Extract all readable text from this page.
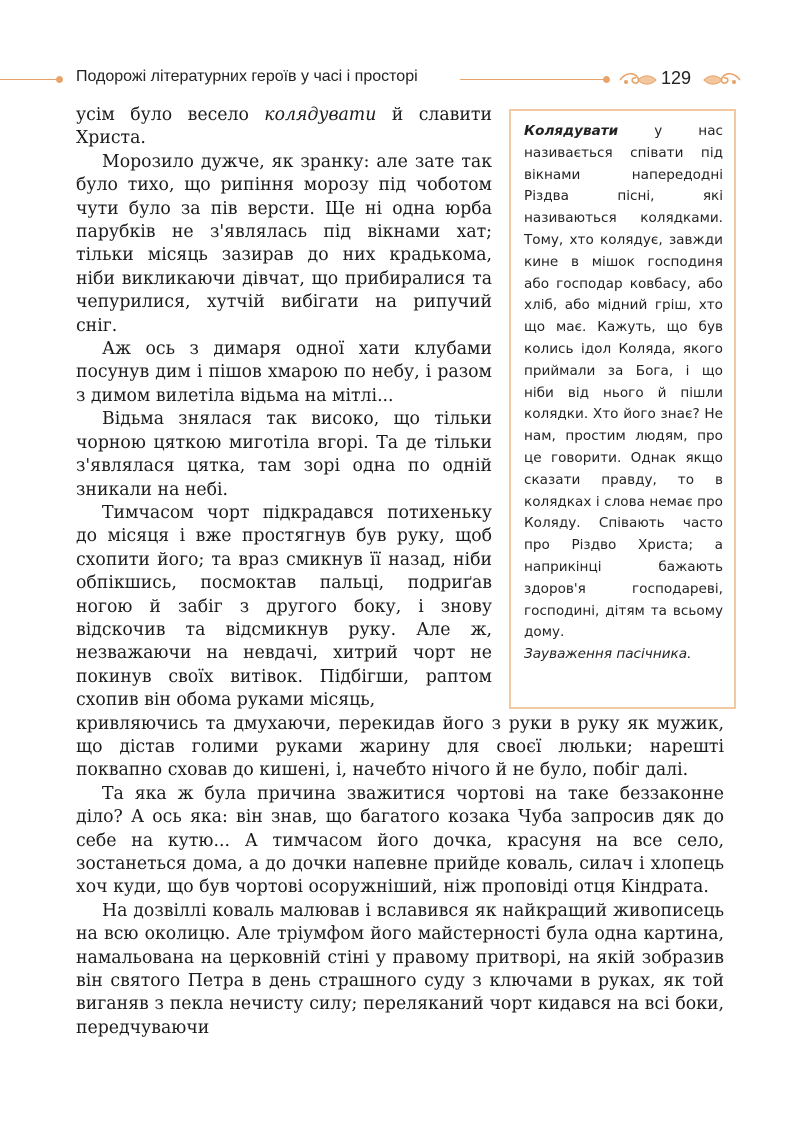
Подорожі літературних героїв у часі і просторі	129

усім було весело колядувати й славити Христа.

Морозило дужче, як зранку: але зате так було тихо, що рипіння морозу під чоботом чути було за пів версти. Ще ні одна юрба парубків не з'являлась під вікнами хат; тільки місяць зазирав до них крадькома, ніби викликаючи дівчат, що прибиралися та чепурилися, хутчій вибігати на рипучий сніг.

Аж ось з димаря одної хати клубами посунув дим і пішов хмарою по небу, і разом з димом вилетіла відьма на мітлі...

Відьма знялася так високо, що тільки чорною цяткою миготіла вгорі. Та де тільки з'являлася цятка, там зорі одна по одній зникали на небі.

Тимчасом чорт підкрадався потихеньку до місяця і вже простягнув був руку, щоб схопити його; та враз смикнув її назад, ніби обпікшись, посмоктав пальці, подриґав ногою й забіг з другого боку, і знову відскочив та відсмикнув руку. Але ж, незважаючи на невдачі, хитрий чорт не покинув своїх витівок. Підбігши, раптом схопив він обома руками місяць,

кривляючись та дмухаючи, перекидав його з руки в руку як мужик, що дістав голими руками жарину для своєї люльки; нарешті поквапно сховав до кишені, і, начебто нічого й не було, побіг далі.

Та яка ж була причина зважитися чортові на таке беззаконне діло? А ось яка: він знав, що багатого козака Чуба запросив дяк до себе на кутю... А тимчасом його дочка, красуня на все село, зостанеться дома, а до дочки напевне прийде коваль, силач і хлопець хоч куди, що був чортові осоружніший, ніж проповіді отця Кіндрата.

На дозвіллі коваль малював і вславився як найкращий живописець на всю околицю. Але тріумфом його майстерності була одна картина, намальована на церковній стіні у правому притворі, на якій зобразив він святого Петра в день страшного суду з ключами в руках, як той виганяв з пекла нечисту силу; переляканий чорт кидався на всі боки, передчуваючи

Колядувати	у нас називається співати під вікнами напередодні Різдва пісні, які називаються колядками. Тому, хто колядує, завжди кине в мішок господиня або господар ковбасу, або хліб, або мідний гріш, хто що має. Кажуть, що був колись ідол Коляда, якого приймали за Бога, і що ніби від нього й пішли колядки. Хто його знає? Не нам, простим людям, про це говорити. Однак якщо сказати правду, то в колядках і слова немає про Коляду. Співають часто про Різдво Христа; а наприкінці бажають здоров'я господареві, господині, дітям та всьому дому.
Зауваження пасічника.
